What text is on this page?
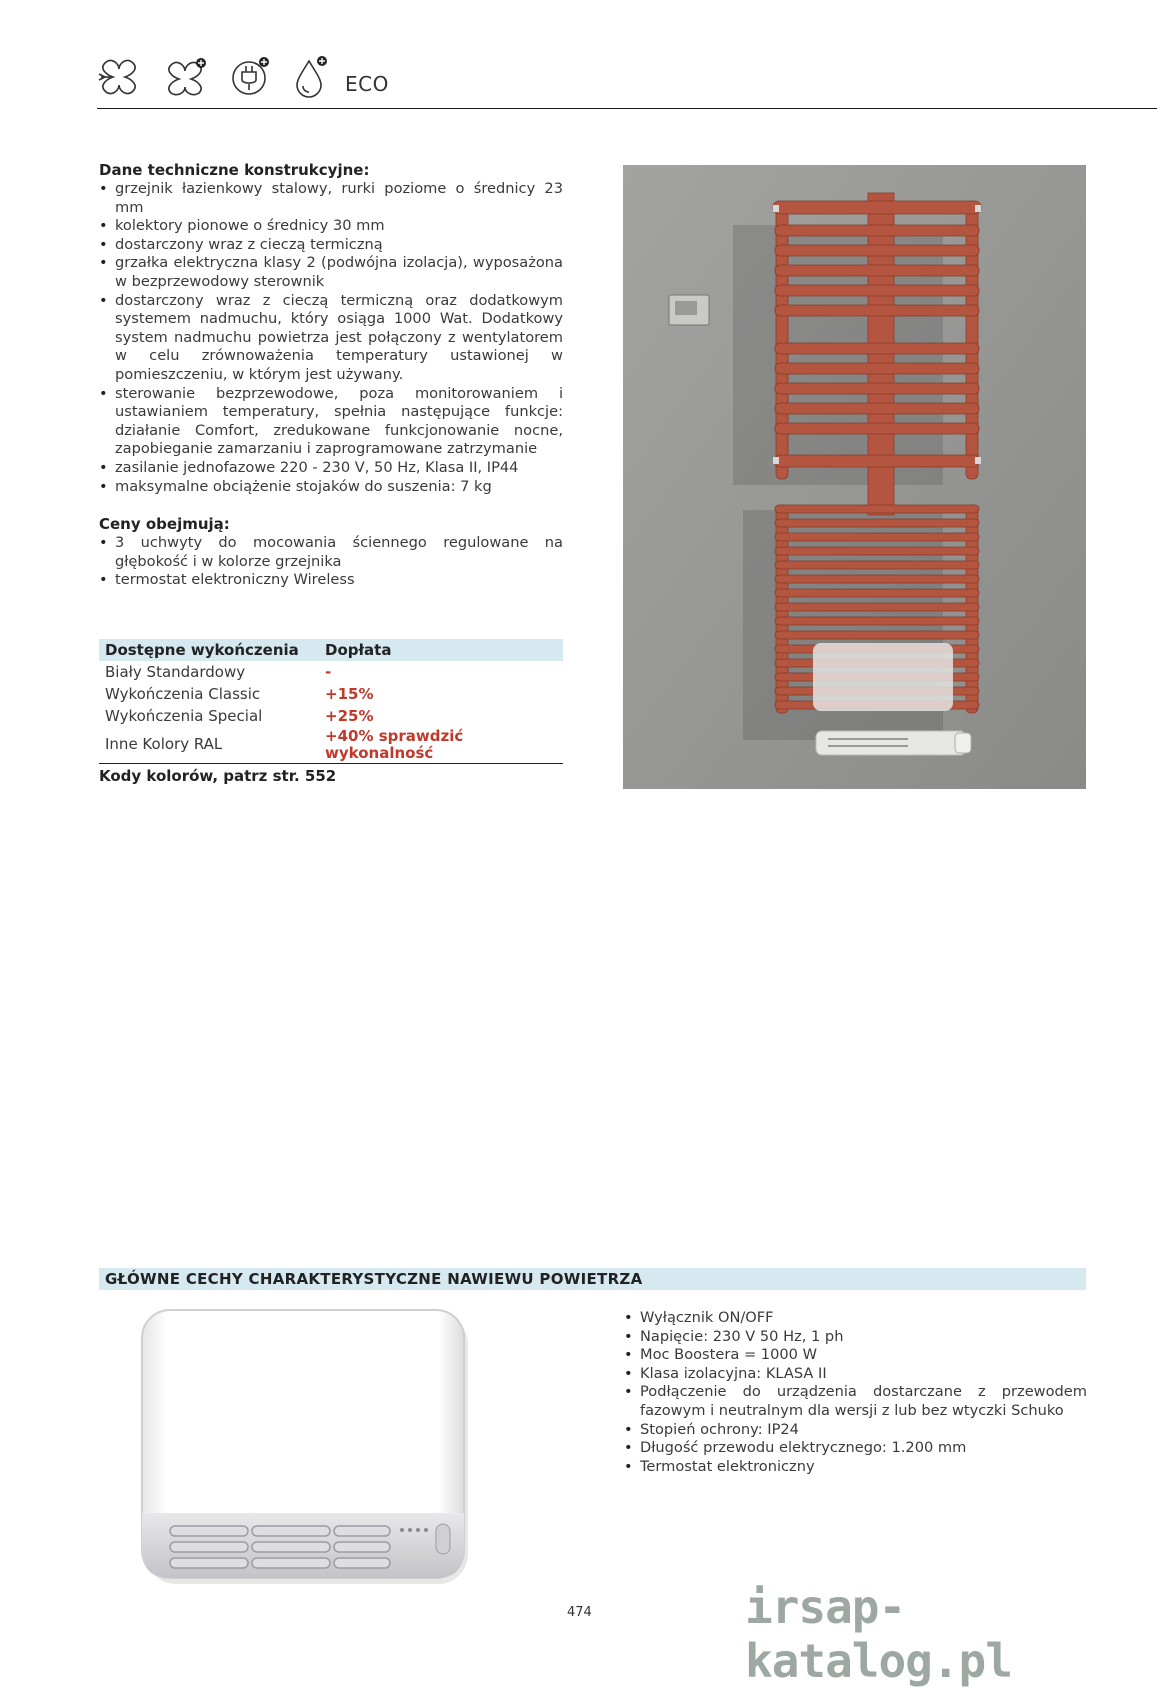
ECO
Dane techniczne konstrukcyjne:
• grzejnik łazienkowy stalowy, rurki poziome o średnicy 23 mm
• kolektory pionowe o średnicy 30 mm
• dostarczony wraz z cieczą termiczną
• grzałka elektryczna klasy 2 (podwójna izolacja), wyposażona w bezprzewodowy sterownik
• dostarczony wraz z cieczą termiczną oraz dodatkowym systemem nadmuchu, który osiąga 1000 Wat. Dodatkowy system nadmuchu powietrza jest połączony z wentylatorem w celu zrównoważenia temperatury ustawionej w pomieszczeniu, w którym jest używany.
• sterowanie bezprzewodowe, poza monitorowaniem i ustawianiem temperatury, spełnia następujące funkcje: działanie Comfort, zredukowane funkcjonowanie nocne, zapobieganie zamarzaniu i zaprogramowane zatrzymanie
• zasilanie jednofazowe 220 - 230 V, 50 Hz, Klasa II, IP44
• maksymalne obciążenie stojaków do suszenia: 7 kg
Ceny obejmują:
• 3 uchwyty do mocowania ściennego regulowane na głębokość i w kolorze grzejnika
• termostat elektroniczny Wireless
Dostępne wykończenia	Dopłata
Biały Standardowy	-
Wykończenia Classic	+15%
Wykończenia Special	+25%
Inne Kolory RAL	+40% sprawdzić wykonalność
Kody kolorów, patrz str. 552
GŁÓWNE CECHY CHARAKTERYSTYCZNE NAWIEWU POWIETRZA
• Wyłącznik ON/OFF
• Napięcie: 230 V 50 Hz, 1 ph
• Moc Boostera = 1000 W
• Klasa izolacyjna: KLASA II
• Podłączenie do urządzenia dostarczane z przewodem fazowym i neutralnym dla wersji z lub bez wtyczki Schuko
• Stopień ochrony: IP24
• Długość przewodu elektrycznego: 1.200 mm
• Termostat elektroniczny
474	irsap-katalog.pl
